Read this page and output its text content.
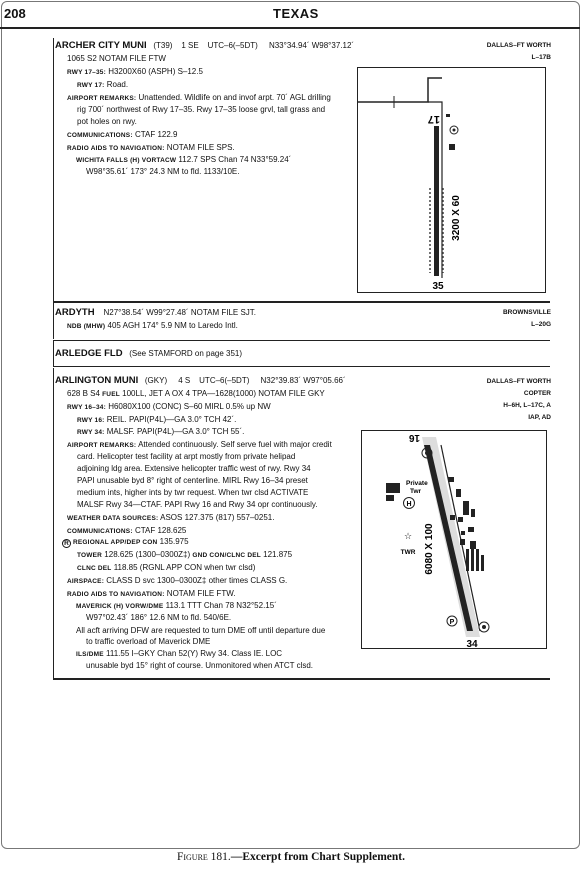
208	TEXAS
ARCHER CITY MUNI (T39) 1 SE UTC–6(–5DT) N33°34.94´ W98°37.12´	DALLAS–FT WORTH
L–17B
1065 S2 NOTAM FILE FTW
RWY 17–35: H3200X60 (ASPH) S–12.5
RWY 17: Road.
AIRPORT REMARKS: Unattended. Wildlife on and invof arpt. 70´ AGL drilling
rig 700´ northwest of Rwy 17–35. Rwy 17–35 loose grvl, tall grass and
pot holes on rwy.
COMMUNICATIONS: CTAF 122.9
RADIO AIDS TO NAVIGATION: NOTAM FILE SPS.
WICHITA FALLS (H) VORTACW 112.7 SPS Chan 74 N33°59.24´
W98°35.61´ 173° 24.3 NM to fld. 1133/10E.
17
35
3200 X 60
ARDYTH N27°38.54´ W99°27.48´ NOTAM FILE SJT.	BROWNSVILLE
L–20G
NDB (MHW) 405 AGH 174° 5.9 NM to Laredo Intl.
ARLEDGE FLD (See STAMFORD on page 351)
ARLINGTON MUNI (GKY) 4 S UTC–6(–5DT) N32°39.83´ W97°05.66´	DALLAS–FT WORTH
COPTER
H–6H, L–17C, A
IAP, AD
628 B S4 FUEL 100LL, JET A OX 4 TPA—1628(1000) NOTAM FILE GKY
RWY 16–34: H6080X100 (CONC) S–60 MIRL 0.5% up NW
RWY 16: REIL. PAPI(P4L)—GA 3.0° TCH 42´.
RWY 34: MALSF. PAPI(P4L)—GA 3.0° TCH 55´.
AIRPORT REMARKS: Attended continuously. Self serve fuel with major credit
card. Helicopter test facility at arpt mostly from private helipad
adjoining ldg area. Extensive helicopter traffic west of rwy. Rwy 34
PAPI unusable byd 8° right of centerline. MIRL Rwy 16–34 preset
medium ints, higher ints by twr request. When twr clsd ACTIVATE
MALSF Rwy 34—CTAF. PAPI Rwy 16 and Rwy 34 opr continuously.
WEATHER DATA SOURCES: ASOS 127.375 (817) 557–0251.
COMMUNICATIONS: CTAF 128.625
R REGIONAL APP/DEP CON 135.975
TOWER 128.625 (1300–0300Z‡) GND CON/CLNC DEL 121.875
CLNC DEL 118.85 (RGNL APP CON when twr clsd)
AIRSPACE: CLASS D svc 1300–0300Z‡ other times CLASS G.
RADIO AIDS TO NAVIGATION: NOTAM FILE FTW.
MAVERICK (H) VORW/DME 113.1 TTT Chan 78 N32°52.15´
W97°02.43´ 186° 12.6 NM to fld. 540/6E.
All acft arriving DFW are requested to turn DME off until departure due
to traffic overload of Maverick DME
ILS/DME 111.55 I–GKY Chan 52(Y) Rwy 34. Class IE. LOC
unusable byd 15° right of course. Unmonitored when ATCT clsd.
16
34
6080 X 100
H
Private
Twr
☆
TWR
P
Figure 181.—Excerpt from Chart Supplement.
